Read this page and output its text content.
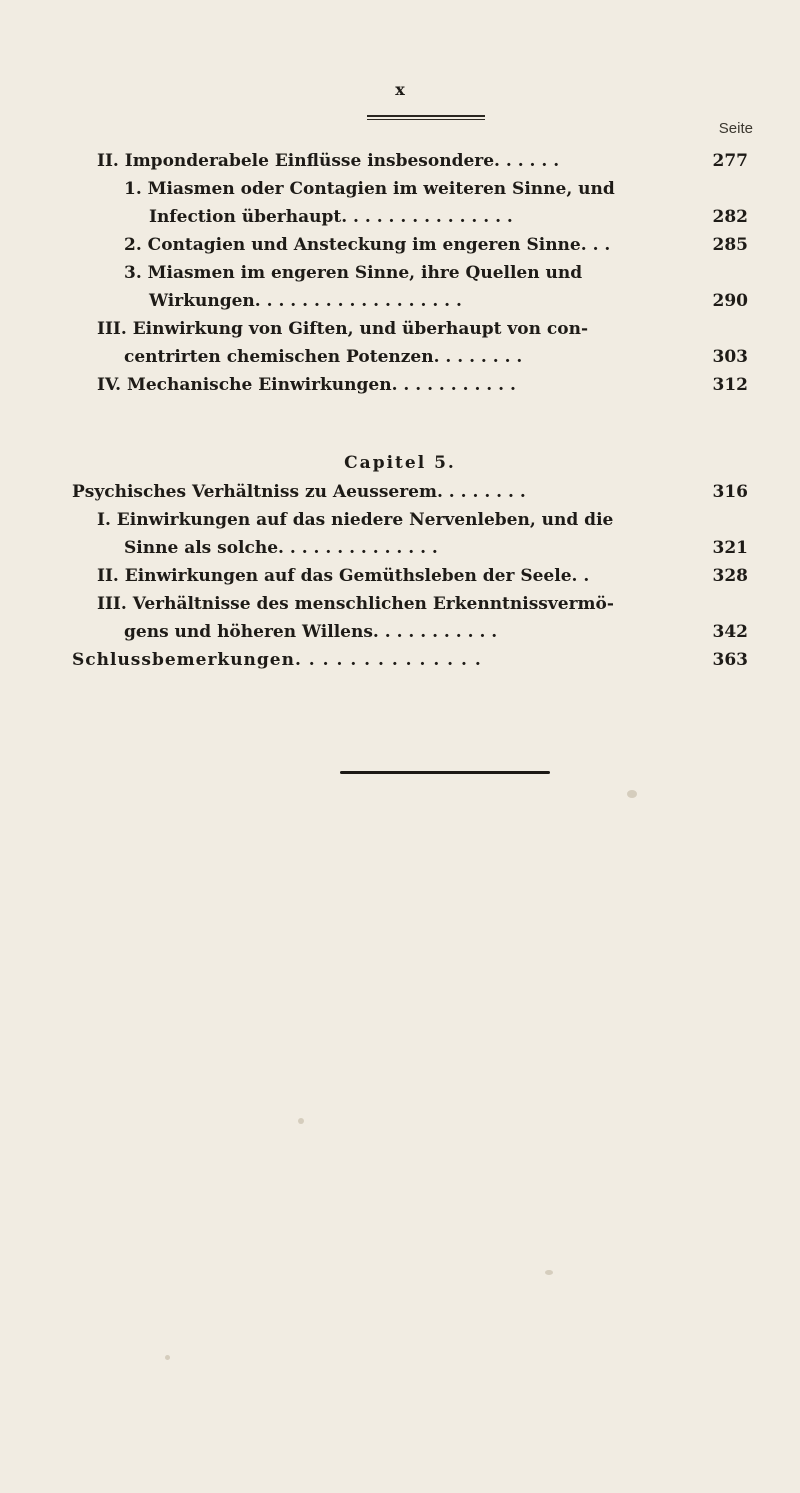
x
Seite
II. Imponderabele Einflüsse insbesondere. . . . . .	277
1. Miasmen oder Contagien im weiteren Sinne, und
Infection überhaupt. . . . . . . . . . . . . . .	282
2. Contagien und Ansteckung im engeren Sinne. . .	285
3. Miasmen im engeren Sinne, ihre Quellen und
Wirkungen. . . . . . . . . . . . . . . . . .	290
III. Einwirkung von Giften, und überhaupt von con-
centrirten chemischen Potenzen. . . . . . . .	303
IV. Mechanische Einwirkungen. . . . . . . . . . .	312
Capitel 5.
Psychisches Verhältniss zu Aeusserem. . . . . . . .	316
I. Einwirkungen auf das niedere Nervenleben, und die
Sinne als solche. . . . . . . . . . . . . .	321
II. Einwirkungen auf das Gemüthsleben der Seele. .	328
III. Verhältnisse des menschlichen Erkenntnissvermö-
gens und höheren Willens. . . . . . . . . . .	342
Schlussbemerkungen. . . . . . . . . . . . . .	363
